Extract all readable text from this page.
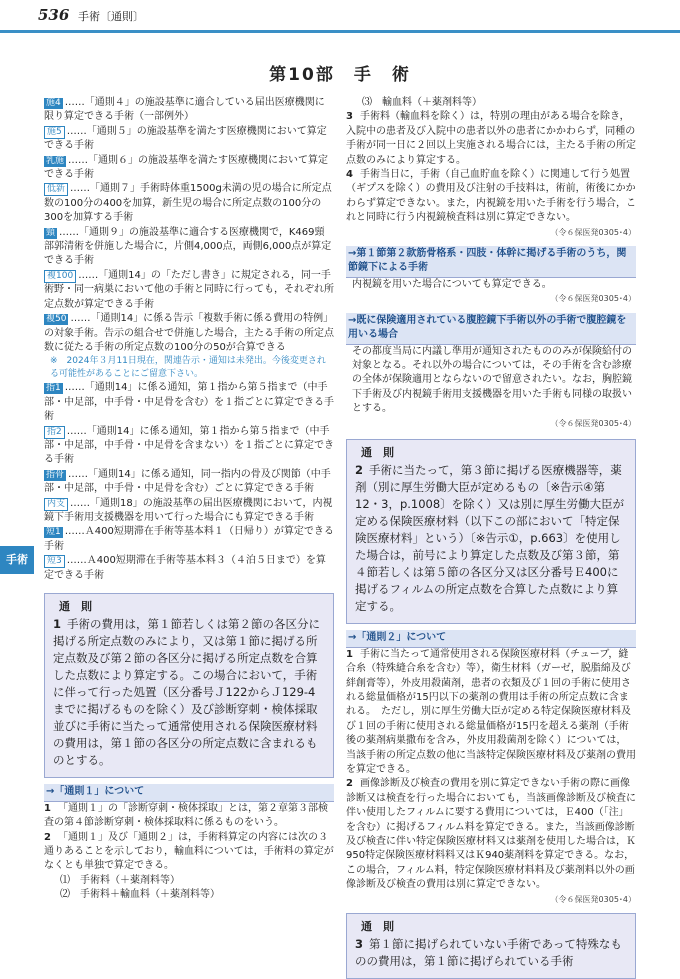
536 手術〔通則〕
第10部　手　術
手術
施4 ……「通則４」の施設基準に適合している届出医療機関に限り算定できる手術（一部例外）
施5 ……「通則５」の施設基準を満たす医療機関において算定できる手術
乳施 ……「通則６」の施設基準を満たす医療機関において算定できる手術
低新 ……「通則７」手術時体重1500g未満の児の場合に所定点数の100分の400を加算，新生児の場合に所定点数の100分の300を加算する手術
頸 ……「通則９」の施設基準に適合する医療機関で，K469頸部郭清術を併施した場合に，片側4,000点，両側6,000点が算定できる手術
複100 ……「通則14」の「ただし書き」に規定される，同一手術野・同一病巣において他の手術と同時に行っても，それぞれ所定点数が算定できる手術
複50 ……「通則14」に係る告示「複数手術に係る費用の特例」の対象手術。告示の組合せで併施した場合，主たる手術の所定点数に従たる手術の所定点数の100分の50が合算できる
※　2024年３月11日現在，関連告示・通知は未発出。今後変更される可能性があることにご留意下さい。
指1 ……「通則14」に係る通知，第１指から第５指まで（中手部・中足部，中手骨・中足骨を含む）を１指ごとに算定できる手術
指2 ……「通則14」に係る通知，第１指から第５指まで（中手部・中足部，中手骨・中足骨を含まない）を１指ごとに算定できる手術
指骨 ……「通則14」に係る通知，同一指内の骨及び関節（中手部・中足部，中手骨・中足骨を含む）ごとに算定できる手術
内支 ……「通則18」の施設基準の届出医療機関において，内視鏡下手術用支援機器を用いて行った場合にも算定できる手術
短1 ……Ａ400短期滞在手術等基本料１（日帰り）が算定できる手術
短3 ……Ａ400短期滞在手術等基本料３（４泊５日まで）を算定できる手術
通　則
1 手術の費用は，第１節若しくは第２節の各区分に掲げる所定点数のみにより，又は第１節に掲げる所定点数及び第２節の各区分に掲げる所定点数を合算した点数により算定する。この場合において，手術に伴って行った処置（区分番号Ｊ122からＪ129-4までに掲げるものを除く）及び診断穿刺・検体採取並びに手術に当たって通常使用される保険医療材料の費用は，第１節の各区分の所定点数に含まれるものとする。
→「通則１」について
1 「通則１」の「診断穿刺・検体採取」とは，第２章第３部検査の第４節診断穿刺・検体採取料に係るものをいう。
2 「通則１」及び「通則２」は，手術料算定の内容には次の３通りあることを示しており，輸血料については，手術料の算定がなくとも単独で算定できる。
⑴　手術料（＋薬剤料等）
⑵　手術料＋輸血料（＋薬剤料等）
⑶　輸血料（＋薬剤料等）
3 手術料（輸血料を除く）は，特別の理由がある場合を除き，入院中の患者及び入院中の患者以外の患者にかかわらず，同種の手術が同一日に２回以上実施される場合には，主たる手術の所定点数のみにより算定する。
4 手術当日に，手術（自己血貯血を除く）に関連して行う処置（ギプスを除く）の費用及び注射の手技料は，術前，術後にかかわらず算定できない。また，内視鏡を用いた手術を行う場合，これと同時に行う内視鏡検査料は別に算定できない。
（令６保医発0305･4）
→第１節第２款筋骨格系・四肢・体幹に掲げる手術のうち，関節鏡下による手術
内視鏡を用いた場合についても算定できる。
（令６保医発0305･4）
→既に保険適用されている腹腔鏡下手術以外の手術で腹腔鏡を用いる場合
その都度当局に内議し準用が通知されたもののみが保険給付の対象となる。それ以外の場合については，その手術を含む診療の全体が保険適用とならないので留意されたい。なお，胸腔鏡下手術及び内視鏡手術用支援機器を用いた手術も同様の取扱いとする。
（令６保医発0305･4）
通　則
2 手術に当たって，第３節に掲げる医療機器等，薬剤（別に厚生労働大臣が定めるもの〔※告示④第12・3，p.1008〕を除く）又は別に厚生労働大臣が定める保険医療材料（以下この部において「特定保険医療材料」という）〔※告示①，p.663〕を使用した場合は，前号により算定した点数及び第３節，第４節若しくは第５節の各区分又は区分番号Ｅ400に掲げるフィルムの所定点数を合算した点数により算定する。
→「通則２」について
1 手術に当たって通常使用される保険医療材料（チューブ，縫合糸（特殊縫合糸を含む）等），衛生材料（ガーゼ，脱脂綿及び絆創膏等），外皮用殺菌剤，患者の衣類及び１回の手術に使用される総量価格が15円以下の薬剤の費用は手術の所定点数に含まれる。　ただし，別に厚生労働大臣が定める特定保険医療材料及び１回の手術に使用される総量価格が15円を超える薬剤（手術後の薬剤病巣撒布を含み，外皮用殺菌剤を除く）については，当該手術の所定点数の他に当該特定保険医療材料及び薬剤の費用を算定できる。
2 画像診断及び検査の費用を別に算定できない手術の際に画像診断又は検査を行った場合においても，当該画像診断及び検査に伴い使用したフィルムに要する費用については，Ｅ400（「注」を含む）に掲げるフィルム料を算定できる。また，当該画像診断及び検査に伴い特定保険医療材料又は薬剤を使用した場合は，Ｋ950特定保険医療材料料又はＫ940薬剤料を算定できる。なお，この場合，フィルム料，特定保険医療材料料及び薬剤料以外の画像診断及び検査の費用は別に算定できない。
（令６保医発0305･4）
通　則
3 第１節に掲げられていない手術であって特殊なものの費用は，第１節に掲げられている手術
